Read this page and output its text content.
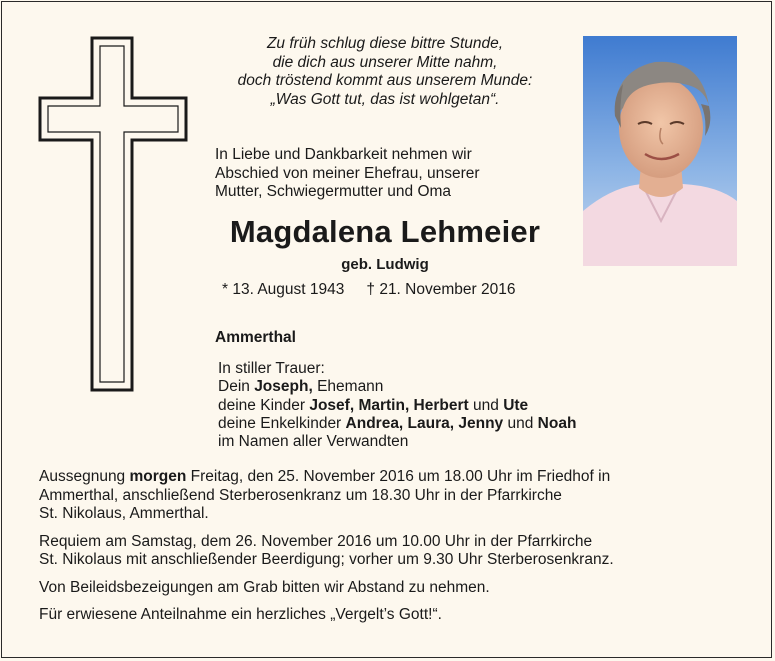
Zu früh schlug diese bittre Stunde,
die dich aus unserer Mitte nahm,
doch tröstend kommt aus unserem Munde:
„Was Gott tut, das ist wohlgetan“.
In Liebe und Dankbarkeit nehmen wir
Abschied von meiner Ehefrau, unserer
Mutter, Schwiegermutter und Oma
Magdalena Lehmeier
geb. Ludwig
* 13. August 1943 † 21. November 2016
Ammerthal
In stiller Trauer:
Dein Joseph, Ehemann
deine Kinder Josef, Martin, Herbert und Ute
deine Enkelkinder Andrea, Laura, Jenny und Noah
im Namen aller Verwandten

Aussegnung morgen Freitag, den 25. November 2016 um 18.00 Uhr im Friedhof in
Ammerthal, anschließend Sterberosenkranz um 18.30 Uhr in der Pfarrkirche
St. Nikolaus, Ammerthal.

Requiem am Samstag, dem 26. November 2016 um 10.00 Uhr in der Pfarrkirche
St. Nikolaus mit anschließender Beerdigung; vorher um 9.30 Uhr Sterberosenkranz.

Von Beileidsbezeigungen am Grab bitten wir Abstand zu nehmen.

Für erwiesene Anteilnahme ein herzliches „Vergelt’s Gott!“.
